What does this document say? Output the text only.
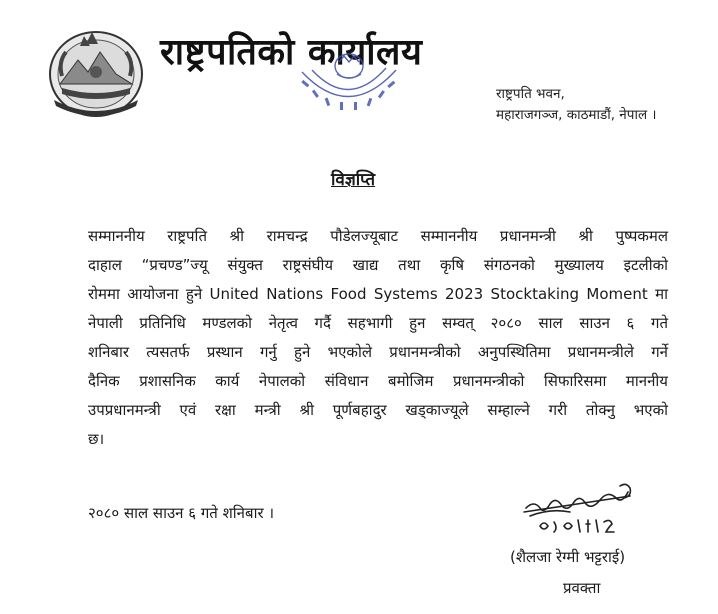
राष्ट्रपतिको कार्यालय
राष्ट्रपति भवन,
महाराजगञ्ज, काठमाडौं, नेपाल ।
विज्ञप्ति
सम्माननीय राष्ट्रपति श्री रामचन्द्र पौडेलज्यूबाट सम्माननीय प्रधानमन्त्री श्री पुष्पकमल
दाहाल “प्रचण्ड”ज्यू संयुक्त राष्ट्रसंघीय खाद्य तथा कृषि संगठनको मुख्यालय इटलीको
रोममा आयोजना हुने United Nations Food Systems 2023 Stocktaking Moment मा
नेपाली प्रतिनिधि मण्डलको नेतृत्व गर्दै सहभागी हुन सम्वत् २०८० साल साउन ६ गते
शनिबार त्यसतर्फ प्रस्थान गर्नु हुने भएकोले प्रधानमन्त्रीको अनुपस्थितिमा प्रधानमन्त्रीले गर्ने
दैनिक प्रशासनिक कार्य नेपालको संविधान बमोजिम प्रधानमन्त्रीको सिफारिसमा माननीय
उपप्रधानमन्त्री एवं रक्षा मन्त्री श्री पूर्णबहादुर खड्काज्यूले सम्हाल्ने गरी तोक्नु भएको
छ।
२०८० साल साउन ६ गते शनिबार ।
(शैलजा रेग्मी भट्टराई)
प्रवक्ता
